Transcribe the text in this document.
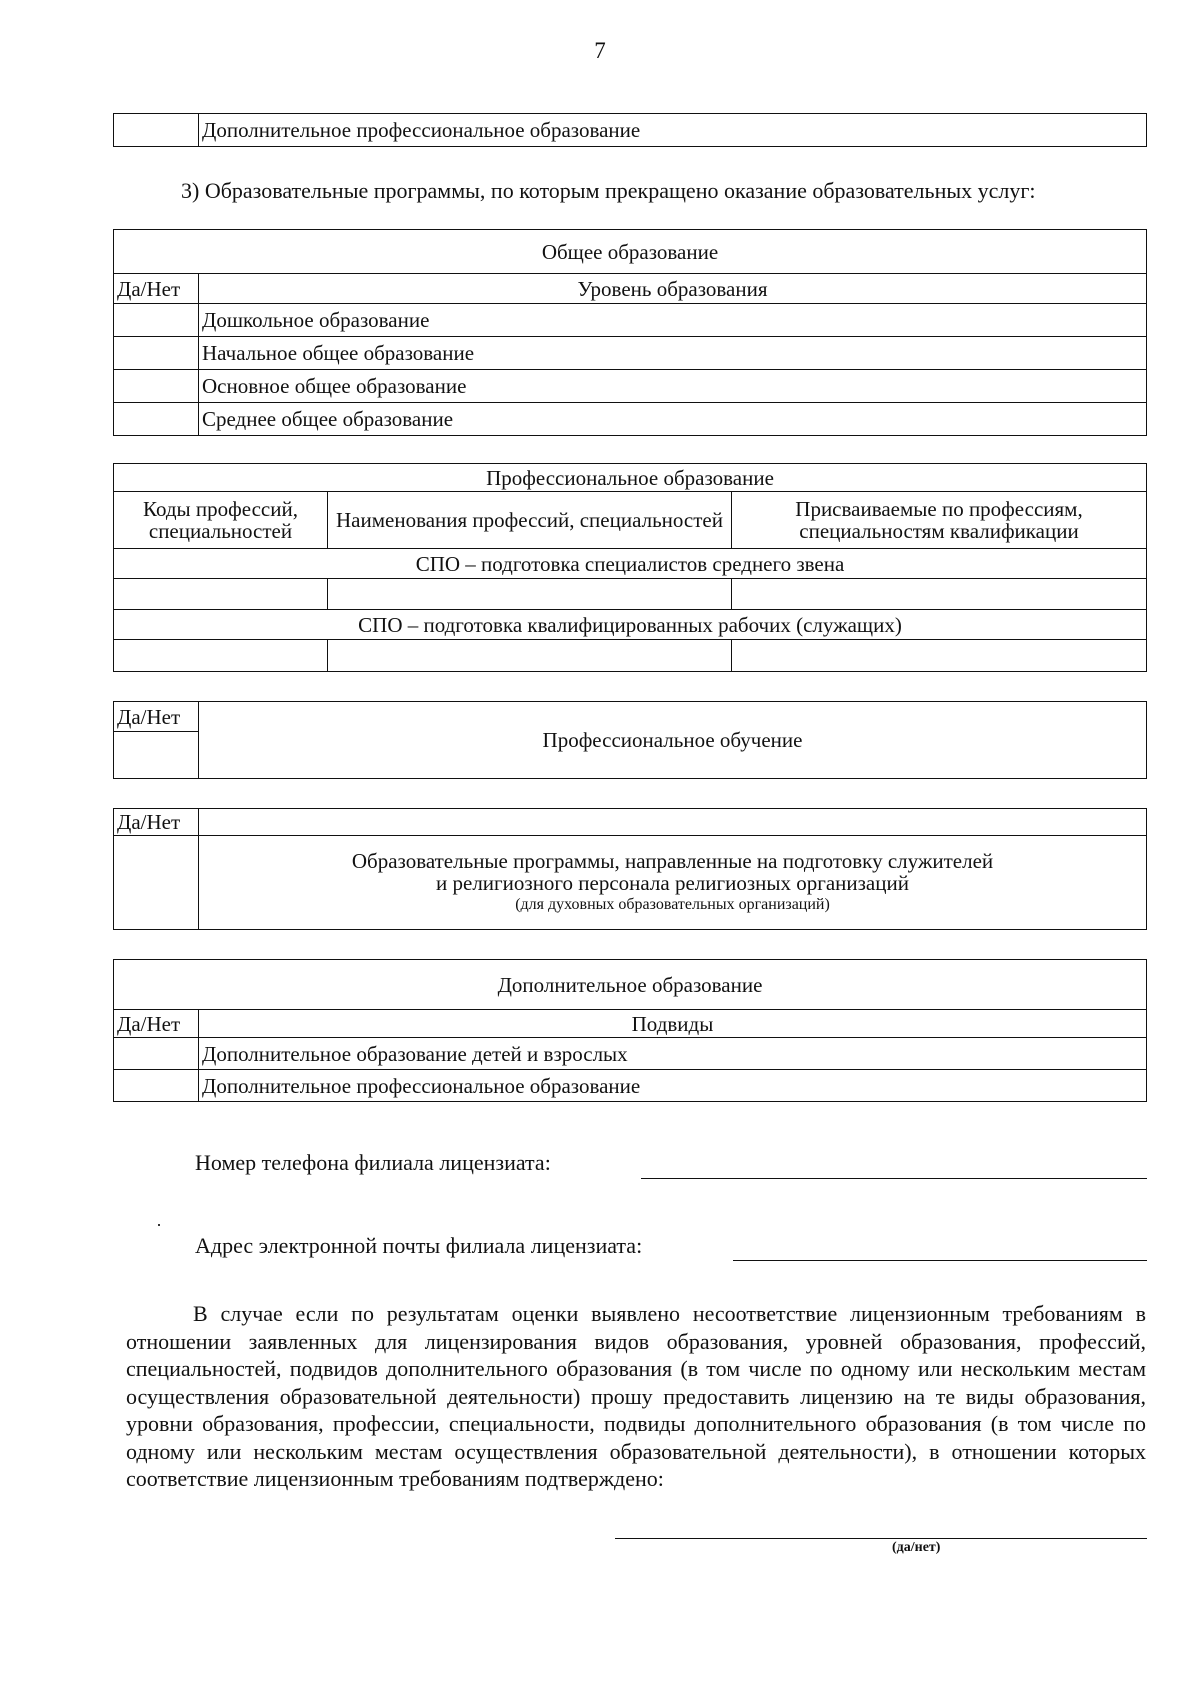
7
	Дополнительное профессиональное образование
3) Образовательные программы, по которым прекращено оказание образовательных услуг:
Общее образование	
Да/Нет	Уровень образования
	Дошкольное образование
	Начальное общее образование
	Основное общее образование
	Среднее общее образование
Профессиональное образование		
Коды профессий, специальностей	Наименования профессий, специальностей	Присваиваемые по профессиям, специальностям квалификации
СПО – подготовка специалистов среднего звена		

СПО – подготовка квалифицированных рабочих (служащих)		

Да/Нет	Профессиональное обучение

Да/Нет	

	Образовательные программы, направленные на подготовку служителей
и религиозного персонала религиозных организаций
(для духовных образовательных организаций)
Дополнительное образование	
Да/Нет	Подвиды
	Дополнительное образование детей и взрослых
	Дополнительное профессиональное образование
Номер телефона филиала лицензиата:
Адрес электронной почты филиала лицензиата:
В случае если по результатам оценки выявлено несоответствие лицензионным требованиям в отношении заявленных для лицензирования видов образования, уровней образования, профессий, специальностей, подвидов дополнительного образования (в том числе по одному или нескольким местам осуществления образовательной деятельности) прошу предоставить лицензию на те виды образования, уровни образования, профессии, специальности, подвиды дополнительного образования (в том числе по одному или нескольким местам осуществления образовательной деятельности), в отношении которых соответствие лицензионным требованиям подтверждено:
(да/нет)
